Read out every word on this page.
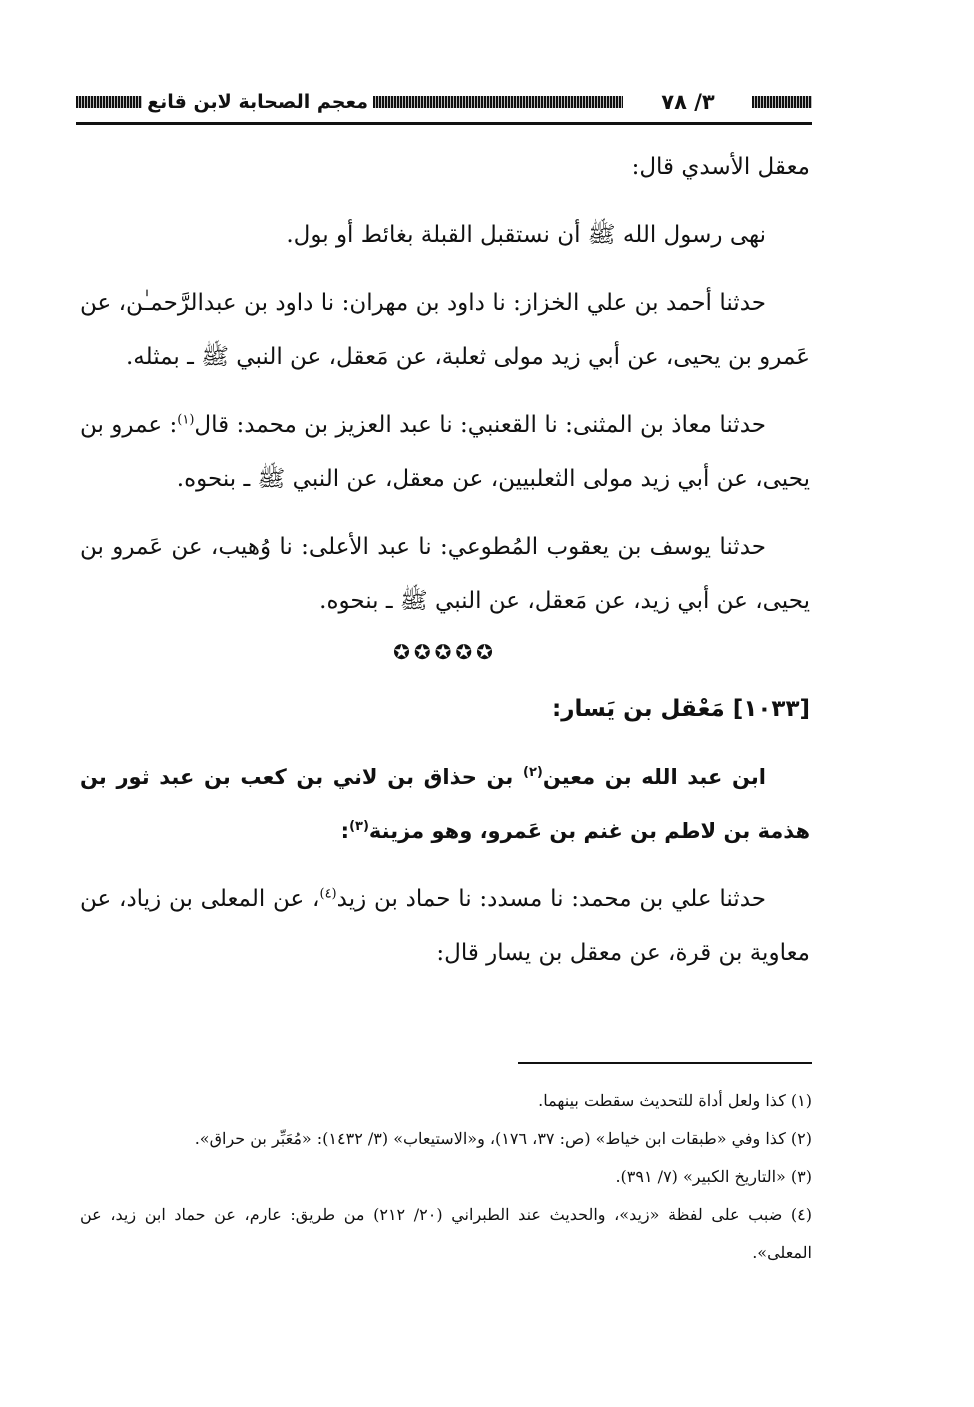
معجم الصحابة لابن قانع	٣/ ٧٨

معقل الأسدي قال:

نهى رسول الله ﷺ أن نستقبل القبلة بغائط أو بول.

حدثنا أحمد بن علي الخزاز: نا داود بن مهران: نا داود بن عبدالرَّحمـٰن، عن عَمرو بن يحيى، عن أبي زيد مولى ثعلبة، عن مَعقل، عن النبي ﷺ ـ بمثله.

حدثنا معاذ بن المثنى: نا القعنبي: نا عبد العزيز بن محمد: قال$^{(١)}$: عمرو بن يحيى، عن أبي زيد مولى الثعلبيين، عن معقل، عن النبي ﷺ ـ بنحوه.

حدثنا يوسف بن يعقوب المُطوعي: نا عبد الأعلى: نا وُهيب، عن عَمرو بن يحيى، عن أبي زيد، عن مَعقل، عن النبي ﷺ ـ بنحوه.

✪✪✪✪✪

[١٠٣٣] مَعْقل بن يَسار:

ابن عبد الله بن معين$^{(٢)}$ بن حذاق بن لاني بن كعب بن عبد ثور بن هذمة بن لاطم بن غنم بن عَمرو، وهو مزينة$^{(٣)}$:

حدثنا علي بن محمد: نا مسدد: نا حماد بن زيد$^{(٤)}$، عن المعلى بن زياد، عن معاوية بن قرة، عن معقل بن يسار قال:

(١) كذا ولعل أداة للتحديث سقطت بينهما.
(٢) كذا وفي «طبقات ابن خياط» (ص: ٣٧، ١٧٦)، و«الاستيعاب» (٣/ ١٤٣٢): «مُعَبِّر بن حراق».
(٣) «التاريخ الكبير» (٧/ ٣٩١).
(٤) ضبب على لفظة «زيد»، والحديث عند الطبراني (٢٠/ ٢١٢) من طريق: عارم، عن حماد ابن زيد، عن المعلى».
